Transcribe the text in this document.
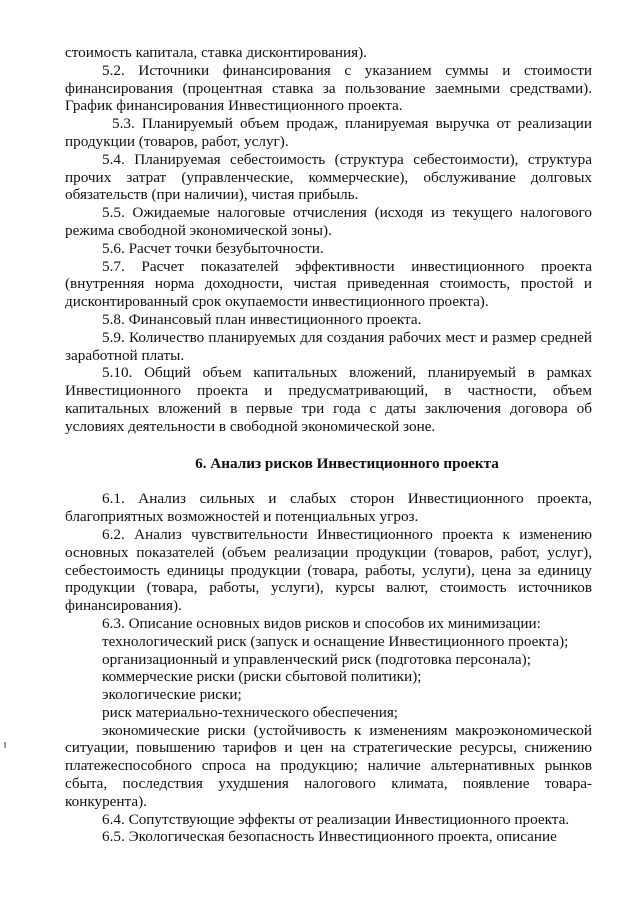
стоимость капитала, ставка дисконтирования).

5.2. Источники финансирования с указанием суммы и стоимости финансирования (процентная ставка за пользование заемными средствами). График финансирования Инвестиционного проекта.

5.3. Планируемый объем продаж, планируемая выручка от реализации продукции (товаров, работ, услуг).

5.4. Планируемая себестоимость (структура себестоимости), структура прочих затрат (управленческие, коммерческие), обслуживание долговых обязательств (при наличии), чистая прибыль.

5.5. Ожидаемые налоговые отчисления (исходя из текущего налогового режима свободной экономической зоны).

5.6. Расчет точки безубыточности.

5.7. Расчет показателей эффективности инвестиционного проекта (внутренняя норма доходности, чистая приведенная стоимость, простой и дисконтированный срок окупаемости инвестиционного проекта).

5.8. Финансовый план инвестиционного проекта.

5.9. Количество планируемых для создания рабочих мест и размер средней заработной платы.

5.10. Общий объем капитальных вложений, планируемый в рамках Инвестиционного проекта и предусматривающий, в частности, объем капитальных вложений в первые три года с даты заключения договора об условиях деятельности в свободной экономической зоне.

6. Анализ рисков Инвестиционного проекта

6.1. Анализ сильных и слабых сторон Инвестиционного проекта, благоприятных возможностей и потенциальных угроз.

6.2. Анализ чувствительности Инвестиционного проекта к изменению основных показателей (объем реализации продукции (товаров, работ, услуг), себестоимость единицы продукции (товара, работы, услуги), цена за единицу продукции (товара, работы, услуги), курсы валют, стоимость источников финансирования).

6.3. Описание основных видов рисков и способов их минимизации:

технологический риск (запуск и оснащение Инвестиционного проекта);

организационный и управленческий риск (подготовка персонала);

коммерческие риски (риски сбытовой политики);

экологические риски;

риск материально-технического обеспечения;

экономические риски (устойчивость к изменениям макроэкономической ситуации, повышению тарифов и цен на стратегические ресурсы, снижению платежеспособного спроса на продукцию; наличие альтернативных рынков сбыта, последствия ухудшения налогового климата, появление товара-конкурента).

6.4. Сопутствующие эффекты от реализации Инвестиционного проекта.

6.5. Экологическая безопасность Инвестиционного проекта, описание
